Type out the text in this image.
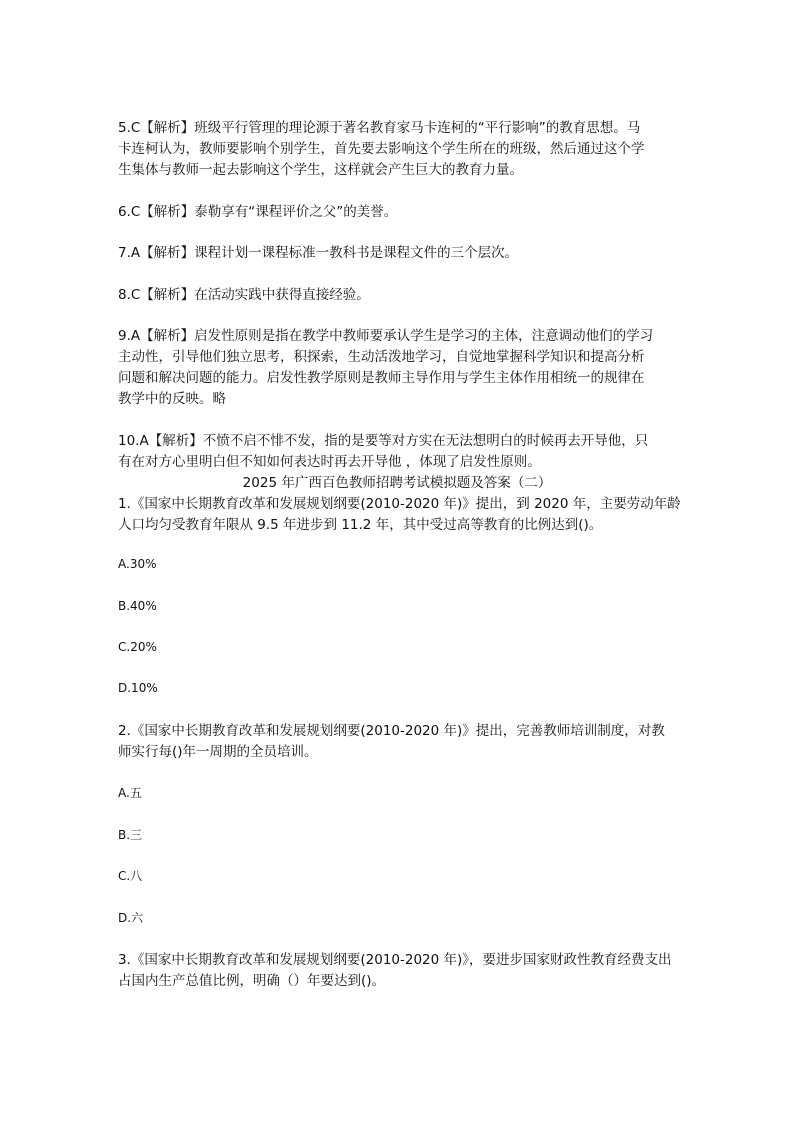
5.C【解析】班级平行管理的理论源于著名教育家马卡连柯的“平行影响”的教育思想。马
卡连柯认为，教师要影响个别学生，首先要去影响这个学生所在的班级，然后通过这个学
生集体与教师一起去影响这个学生，这样就会产生巨大的教育力量。
6.C【解析】泰勒享有“课程评价之父”的美誉。
7.A【解析】课程计划一课程标准一教科书是课程文件的三个层次。
8.C【解析】在活动实践中获得直接经验。
9.A【解析】启发性原则是指在教学中教师要承认学生是学习的主体，注意调动他们的学习
主动性，引导他们独立思考，积探索，生动活泼地学习，自觉地掌握科学知识和提高分析
问题和解决问题的能力。启发性教学原则是教师主导作用与学生主体作用相统一的规律在
教学中的反映。略
10.A【解析】不愤不启不悱不发，指的是要等对方实在无法想明白的时候再去开导他，只
有在对方心里明白但不知如何表达时再去开导他 ，体现了启发性原则。
2025 年广西百色教师招聘考试模拟题及答案（二）
1.《国家中长期教育改革和发展规划纲要(2010-2020 年)》提出，到 2020 年，主要劳动年龄
人口均匀受教育年限从 9.5 年进步到 11.2 年，其中受过高等教育的比例达到()。
A.30%
B.40%
C.20%
D.10%
2.《国家中长期教育改革和发展规划纲要(2010-2020 年)》提出，完善教师培训制度，对教
师实行每()年一周期的全员培训。
A.五
B.三
C.八
D.六
3.《国家中长期教育改革和发展规划纲要(2010-2020 年)》，要进步国家财政性教育经费支出
占国内生产总值比例，明确（）年要达到()。
